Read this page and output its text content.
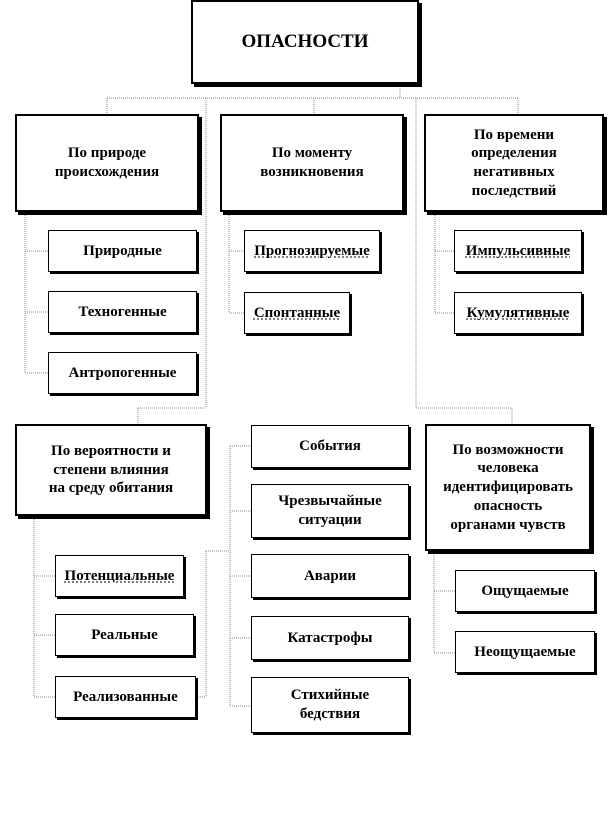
ОПАСНОСТИ
По природе
происхождения
Природные
Техногенные
Антропогенные
По моменту
возникновения
Прогнозируемые
Спонтанные
По времени
определения
негативных
последствий
Импульсивные
Кумулятивные
По вероятности и
степени влияния
на среду обитания
Потенциальные
Реальные
Реализованные
События
Чрезвычайные
ситуации
Аварии
Катастрофы
Стихийные
бедствия
По возможности
человека
идентифицировать
опасность
органами чувств
Ощущаемые
Неощущаемые
